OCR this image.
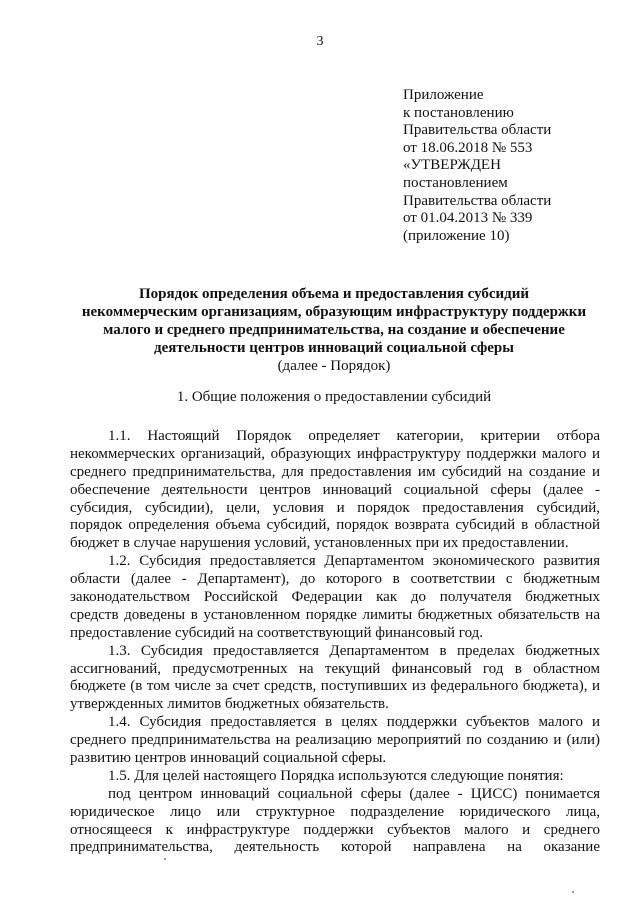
3
Приложение
к постановлению
Правительства области
от 18.06.2018 № 553
«УТВЕРЖДЕН
постановлением
Правительства области
от 01.04.2013 № 339
(приложение 10)
Порядок определения объема и предоставления субсидий
некоммерческим организациям, образующим инфраструктуру поддержки
малого и среднего предпринимательства, на создание и обеспечение
деятельности центров инноваций социальной сферы
(далее - Порядок)
1. Общие положения о предоставлении субсидий
1.1. Настоящий Порядок определяет категории, критерии отбора
некоммерческих организаций, образующих инфраструктуру поддержки малого и
среднего предпринимательства, для предоставления им субсидий на создание и
обеспечение деятельности центров инноваций социальной сферы (далее -
субсидия, субсидии), цели, условия и порядок предоставления субсидий,
порядок определения объема субсидий, порядок возврата субсидий в областной
бюджет в случае нарушения условий, установленных при их предоставлении.
1.2. Субсидия предоставляется Департаментом экономического развития
области (далее - Департамент), до которого в соответствии с бюджетным
законодательством Российской Федерации как до получателя бюджетных
средств доведены в установленном порядке лимиты бюджетных обязательств на
предоставление субсидий на соответствующий финансовый год.
1.3. Субсидия предоставляется Департаментом в пределах бюджетных
ассигнований, предусмотренных на текущий финансовый год в областном
бюджете (в том числе за счет средств, поступивших из федерального бюджета), и
утвержденных лимитов бюджетных обязательств.
1.4. Субсидия предоставляется в целях поддержки субъектов малого и
среднего предпринимательства на реализацию мероприятий по созданию и (или)
развитию центров инноваций социальной сферы.
1.5. Для целей настоящего Порядка используются следующие понятия:
под центром инноваций социальной сферы (далее - ЦИСС) понимается
юридическое лицо или структурное подразделение юридического лица,
относящееся к инфраструктуре поддержки субъектов малого и среднего
предпринимательства, деятельность которой направлена на оказание
